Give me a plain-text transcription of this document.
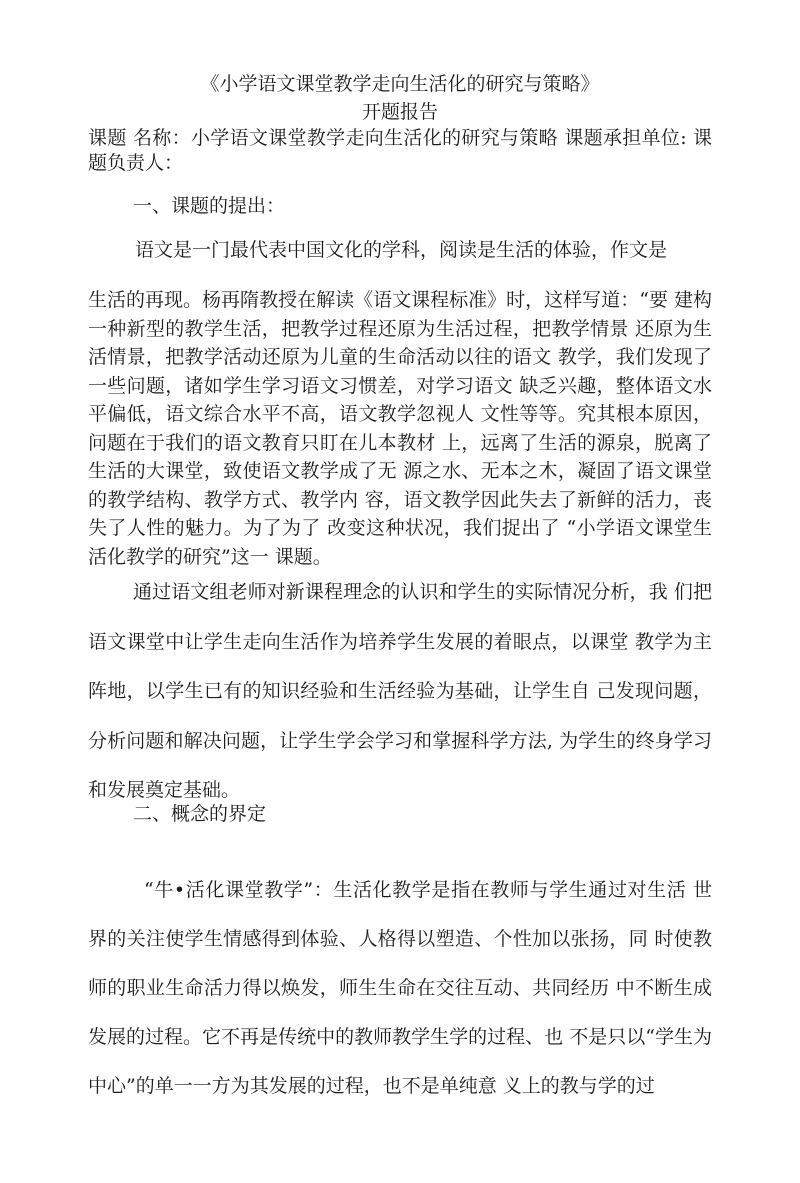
《小学语文课堂教学走向生活化的研究与策略》
开题报告

课题 名称：小学语文课堂教学走向生活化的研究与策略 课题承担单位: 课题负责人：

一、课题的提出：

语文是一门最代表中国文化的学科，阅读是生活的体验，作文是

生活的再现。杨再隋教授在解读《语文课程标准》时，这样写道：“要 建构一种新型的教学生活，把教学过程还原为生活过程，把教学情景 还原为生活情景，把教学活动还原为儿童的生命活动以往的语文 教学，我们发现了一些问题，诸如学生学习语文习惯差，对学习语文 缺乏兴趣，整体语文水平偏低，语文综合水平不高，语文教学忽视人 文性等等。究其根本原因，问题在于我们的语文教育只盯在儿本教材 上，远离了生活的源泉，脱离了生活的大课堂，致使语文教学成了无 源之水、无本之木，凝固了语文课堂的教学结构、教学方式、教学内 容，语文教学因此失去了新鲜的活力，丧失了人性的魅力。为了为了 改变这种状况，我们捉出了 “小学语文课堂生活化教学的研究”这一 课题。

通过语文组老师对新课程理念的认识和学生的实际情况分析，我 们把语文课堂中让学生走向生活作为培养学生发展的着眼点，以课堂 教学为主阵地，以学生已有的知识经验和生活经验为基础，让学生自 己发现问题，分析问题和解决问题，让学生学会学习和掌握科学方法, 为学生的终身学习和发展奠定基础。

二、概念的界定

“牛•活化课堂教学”：生活化教学是指在教师与学生通过对生活 世界的关注使学生情感得到体验、人格得以塑造、个性加以张扬，同 时使教师的职业生命活力得以焕发，师生生命在交往互动、共同经历 中不断生成发展的过程。它不再是传统中的教师教学生学的过程、也 不是只以“学生为中心”的单一一方为其发展的过程，也不是单纯意 义上的教与学的过
